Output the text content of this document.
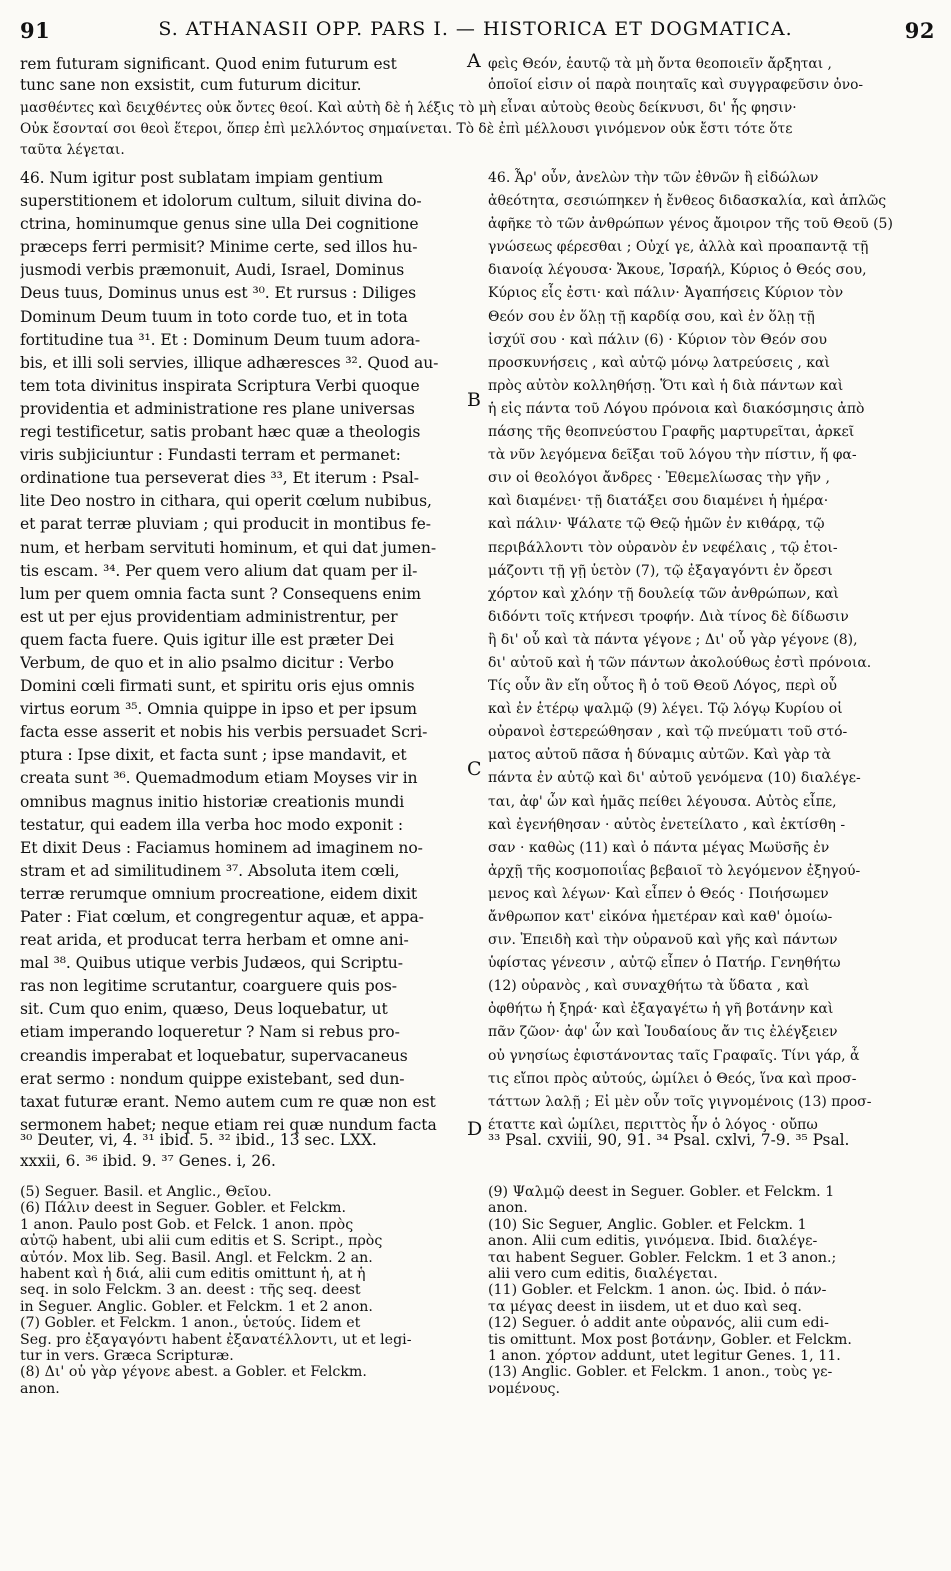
91	S. ATHANASII OPP. PARS I. — HISTORICA ET DOGMATICA.	92
rem futuram significant. Quod enim futurum est	φεὶς Θεόν, ἑαυτῷ τὰ μὴ ὄντα θεοποιεῖν ἄρξηται ,
tunc sane non exsistit, cum futurum dicitur.	ὁποῖοί εἰσιν οἱ παρὰ ποιηταῖς καὶ συγγραφεῦσιν ὀνο-
μασθέντες καὶ δειχθέντες οὐκ ὄντες θεοί. Καὶ αὐτὴ δὲ ἡ λέξις τὸ μὴ εἶναι αὐτοὺς θεοὺς δείκνυσι, δι' ἧς φησιν·
Οὐκ ἔσονταί σοι θεοὶ ἕτεροι, ὅπερ ἐπὶ μελλόντος σημαίνεται. Τὸ δὲ ἐπὶ μέλλουσι γινόμενον οὐκ ἔστι τότε ὅτε
ταῦτα λέγεται.
A
B
C
D
46. Num igitur post sublatam impiam gentium
superstitionem et idolorum cultum, siluit divina do-
ctrina, hominumque genus sine ulla Dei cognitione
præceps ferri permisit? Minime certe, sed illos hu-
jusmodi verbis præmonuit, Audi, Israel, Dominus
Deus tuus, Dominus unus est ³⁰. Et rursus : Diliges
Dominum Deum tuum in toto corde tuo, et in tota
fortitudine tua ³¹. Et : Dominum Deum tuum adora-
bis, et illi soli servies, illique adhæresces ³². Quod au-
tem tota divinitus inspirata Scriptura Verbi quoque
providentia et administratione res plane universas
regi testificetur, satis probant hæc quæ a theologis
viris subjiciuntur : Fundasti terram et permanet:
ordinatione tua perseverat dies ³³, Et iterum : Psal-
lite Deo nostro in cithara, qui operit cœlum nubibus,
et parat terræ pluviam ; qui producit in montibus fe-
num, et herbam servituti hominum, et qui dat jumen-
tis escam. ³⁴. Per quem vero alium dat quam per il-
lum per quem omnia facta sunt ? Consequens enim
est ut per ejus providentiam administrentur, per
quem facta fuere. Quis igitur ille est præter Dei
Verbum, de quo et in alio psalmo dicitur : Verbo
Domini cœli firmati sunt, et spiritu oris ejus omnis
virtus eorum ³⁵. Omnia quippe in ipso et per ipsum
facta esse asserit et nobis his verbis persuadet Scri-
ptura : Ipse dixit, et facta sunt ; ipse mandavit, et
creata sunt ³⁶. Quemadmodum etiam Moyses vir in
omnibus magnus initio historiæ creationis mundi
testatur, qui eadem illa verba hoc modo exponit :
Et dixit Deus : Faciamus hominem ad imaginem no-
stram et ad similitudinem ³⁷. Absoluta item cœli,
terræ rerumque omnium procreatione, eidem dixit
Pater : Fiat cœlum, et congregentur aquæ, et appa-
reat arida, et producat terra herbam et omne ani-
mal ³⁸. Quibus utique verbis Judæos, qui Scriptu-
ras non legitime scrutantur, coarguere quis pos-
sit. Cum quo enim, quæso, Deus loquebatur, ut
etiam imperando loqueretur ? Nam si rebus pro-
creandis imperabat et loquebatur, supervacaneus
erat sermo : nondum quippe existebant, sed dun-
taxat futuræ erant. Nemo autem cum re quæ non est
sermonem habet; neque etiam rei quæ nundum facta
46. Ἆρ' οὖν, ἀνελὼν τὴν τῶν ἐθνῶν ἢ εἰδώλων
ἀθεότητα, σεσιώπηκεν ἡ ἔνθεος διδασκαλία, καὶ ἁπλῶς
ἀφῆκε τὸ τῶν ἀνθρώπων γένος ἄμοιρον τῆς τοῦ Θεοῦ (5)
γνώσεως φέρεσθαι ; Οὐχί γε, ἀλλὰ καὶ προαπαντᾷ τῇ
διανοίᾳ λέγουσα· Ἄκουε, Ἰσραήλ, Κύριος ὁ Θεός σου,
Κύριος εἷς ἐστι· καὶ πάλιν· Ἀγαπήσεις Κύριον τὸν
Θεόν σου ἐν ὅλῃ τῇ καρδίᾳ σου, καὶ ἐν ὅλῃ τῇ
ἰσχύϊ σου · καὶ πάλιν (6) · Κύριον τὸν Θεόν σου
προσκυνήσεις , καὶ αὐτῷ μόνῳ λατρεύσεις , καὶ
πρὸς αὐτὸν κολληθήσῃ. Ὅτι καὶ ἡ διὰ πάντων καὶ
ἡ εἰς πάντα τοῦ Λόγου πρόνοια καὶ διακόσμησις ἀπὸ
πάσης τῆς θεοπνεύστου Γραφῆς μαρτυρεῖται, ἀρκεῖ
τὰ νῦν λεγόμενα δεῖξαι τοῦ λόγου τὴν πίστιν, ἥ φα-
σιν οἱ θεολόγοι ἄνδρες · Ἐθεμελίωσας τὴν γῆν ,
καὶ διαμένει· τῇ διατάξει σου διαμένει ἡ ἡμέρα·
καὶ πάλιν· Ψάλατε τῷ Θεῷ ἡμῶν ἐν κιθάρᾳ, τῷ
περιβάλλοντι τὸν οὐρανὸν ἐν νεφέλαις , τῷ ἑτοι-
μάζοντι τῇ γῇ ὑετὸν (7), τῷ ἐξαγαγόντι ἐν ὄρεσι
χόρτον καὶ χλόην τῇ δουλείᾳ τῶν ἀνθρώπων, καὶ
διδόντι τοῖς κτήνεσι τροφήν. Διὰ τίνος δὲ δίδωσιν
ἢ δι' οὗ καὶ τὰ πάντα γέγονε ; Δι' οὗ γὰρ γέγονε (8),
δι' αὐτοῦ καὶ ἡ τῶν πάντων ἀκολούθως ἐστὶ πρόνοια.
Τίς οὖν ἂν εἴη οὗτος ἢ ὁ τοῦ Θεοῦ Λόγος, περὶ οὗ
καὶ ἐν ἑτέρῳ ψαλμῷ (9) λέγει. Τῷ λόγῳ Κυρίου οἱ
οὐρανοὶ ἐστερεώθησαν , καὶ τῷ πνεύματι τοῦ στό-
ματος αὐτοῦ πᾶσα ἡ δύναμις αὐτῶν. Καὶ γὰρ τὰ
πάντα ἐν αὐτῷ καὶ δι' αὐτοῦ γενόμενα (10) διαλέγε-
ται, ἀφ' ὧν καὶ ἡμᾶς πείθει λέγουσα. Αὐτὸς εἶπε,
καὶ ἐγενήθησαν · αὐτὸς ἐνετείλατο , καὶ ἐκτίσθη -
σαν · καθὼς (11) καὶ ὁ πάντα μέγας Μωϋσῆς ἐν
ἀρχῇ τῆς κοσμοποιΐας βεβαιοῖ τὸ λεγόμενον ἐξηγού-
μενος καὶ λέγων· Καὶ εἶπεν ὁ Θεός · Ποιήσωμεν
ἄνθρωπον κατ' εἰκόνα ἡμετέραν καὶ καθ' ὁμοίω-
σιν. Ἐπειδὴ καὶ τὴν οὐρανοῦ καὶ γῆς καὶ πάντων
ὑφίστας γένεσιν , αὐτῷ εἶπεν ὁ Πατήρ. Γενηθήτω
(12) οὐρανὸς , καὶ συναχθήτω τὰ ὕδατα , καὶ
ὀφθήτω ἡ ξηρά· καὶ ἐξαγαγέτω ἡ γῆ βοτάνην καὶ
πᾶν ζῶον· ἀφ' ὧν καὶ Ἰουδαίους ἄν τις ἐλέγξειεν
οὐ γνησίως ἐφιστάνοντας ταῖς Γραφαῖς. Τίνι γάρ, ἆ
τις εἴποι πρὸς αὐτούς, ὡμίλει ὁ Θεός, ἵνα καὶ προσ-
τάττων λαλῇ ; Εἰ μὲν οὖν τοῖς γιγνομένοις (13) προσ-
έταττε καὶ ὡμίλει, περιττὸς ἦν ὁ λόγος · οὔπω
³⁰ Deuter, vi, 4. ³¹ ibid. 5. ³² ibid., 13 sec. LXX.
xxxii, 6. ³⁶ ibid. 9. ³⁷ Genes. i, 26.
³³ Psal. cxviii, 90, 91. ³⁴ Psal. cxlvi, 7-9. ³⁵ Psal.
(5) Seguer. Basil. et Anglic., Θεῖου.
(6) Πάλιν deest in Seguer. Gobler. et Felckm.
1 anon. Paulo post Gob. et Felck. 1 anon. πρὸς
αὐτῷ habent, ubi alii cum editis et S. Script., πρὸς
αὐτόν. Mox lib. Seg. Basil. Angl. et Felckm. 2 an.
habent καὶ ἡ διά, alii cum editis omittunt ἡ, at ἡ
seq. in solo Felckm. 3 an. deest : τῆς seq. deest
in Seguer. Anglic. Gobler. et Felckm. 1 et 2 anon.
(7) Gobler. et Felckm. 1 anon., ὑετούς. Iidem et
Seg. pro ἐξαγαγόντι habent ἐξανατέλλοντι, ut et legi-
tur in vers. Græca Scripturæ.
(8) Δι' οὗ γὰρ γέγονε abest. a Gobler. et Felckm.
anon.
(9) Ψαλμῷ deest in Seguer. Gobler. et Felckm. 1
anon.
(10) Sic Seguer, Anglic. Gobler. et Felckm. 1
anon. Alii cum editis, γινόμενα. Ibid. διαλέγε-
ται habent Seguer. Gobler. Felckm. 1 et 3 anon.;
alii vero cum editis, διαλέγεται.
(11) Gobler. et Felckm. 1 anon. ὡς. Ibid. ὁ πάν-
τα μέγας deest in iisdem, ut et duo καὶ seq.
(12) Seguer. ὁ addit ante οὐρανός, alii cum edi-
tis omittunt. Mox post βοτάνην, Gobler. et Felckm.
1 anon. χόρτον addunt, utet legitur Genes. 1, 11.
(13) Anglic. Gobler. et Felckm. 1 anon., τοὺς γε-
νομένους.
